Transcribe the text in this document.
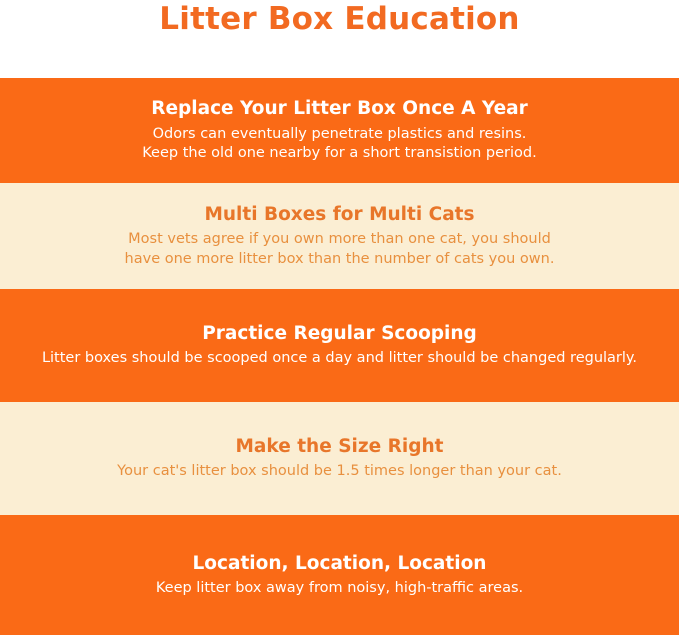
Litter Box Education
Replace Your Litter Box Once A Year
Odors can eventually penetrate plastics and resins.
Keep the old one nearby for a short transistion period.
Multi Boxes for Multi Cats
Most vets agree if you own more than one cat, you should
have one more litter box than the number of cats you own.
Practice Regular Scooping
Litter boxes should be scooped once a day and litter should be changed regularly.
Make the Size Right
Your cat's litter box should be 1.5 times longer than your cat.
Location, Location, Location
Keep litter box away from noisy, high-traffic areas.
